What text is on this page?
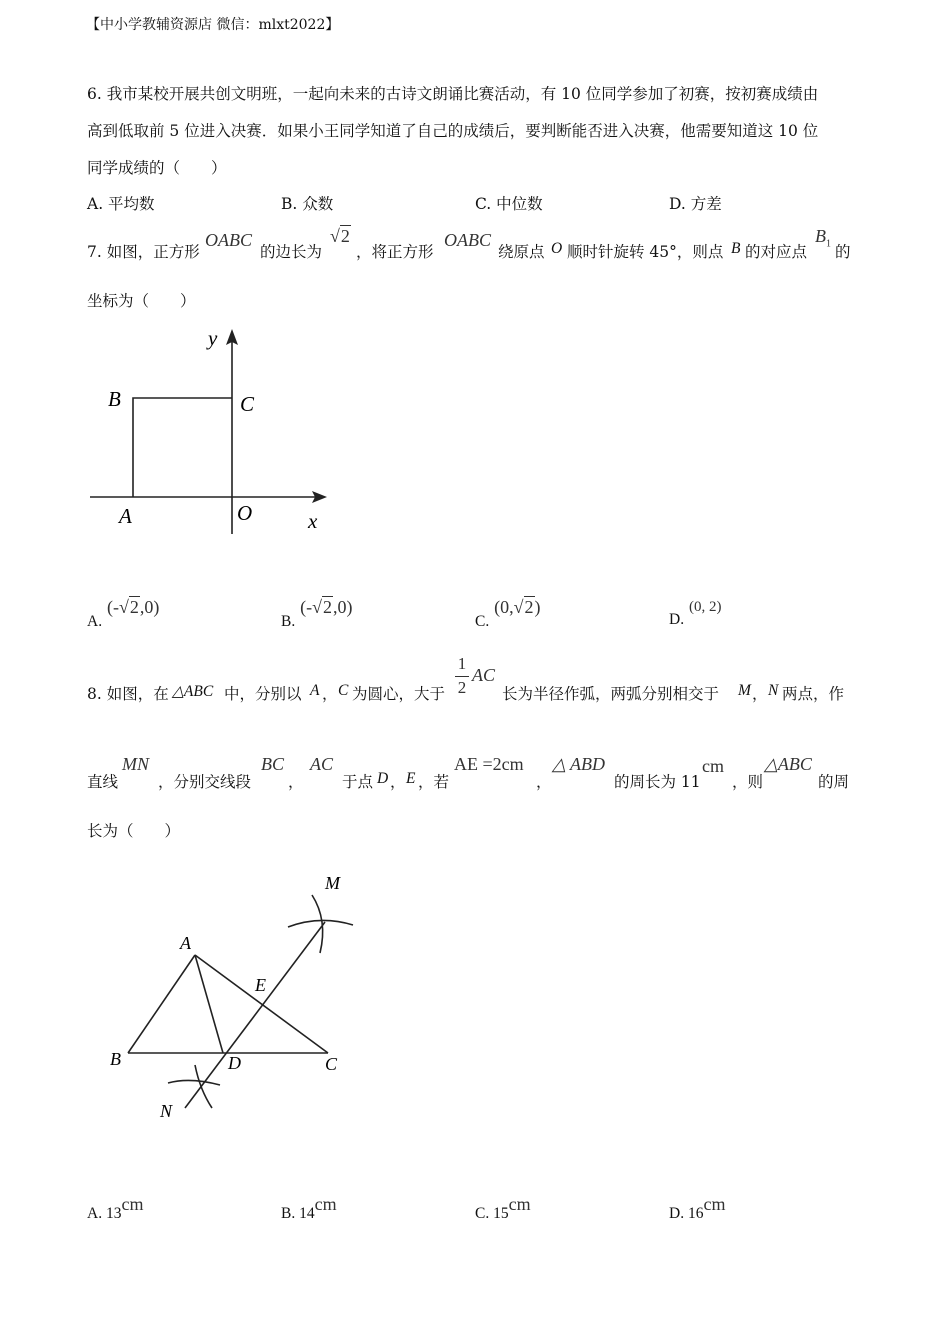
【中小学教辅资源店 微信：mlxt2022】
6. 我市某校开展共创文明班，一起向未来的古诗文朗诵比赛活动，有 10 位同学参加了初赛，按初赛成绩由
高到低取前 5 位进入决赛．如果小王同学知道了自己的成绩后，要判断能否进入决赛，他需要知道这 10 位
同学成绩的（　　）
A. 平均数	B. 众数	C. 中位数	D. 方差
7. 如图，正方形
OABC
的边长为
√2
，将正方形
OABC
绕原点 O 顺时针旋转 45°，则点 B 的对应点
$B_1$ 的
坐标为（　　）
y
x
B	C
A	O
A. (-√2,0)
B. (-√2,0)
C. (0,√2)
D. (0, 2)
8. 如图，在 △ABC 中，分别以 A ， C 为圆心，大于
1
2
AC
长为半径作弧，两弧分别相交于 M ， N 两点，作
直线
MN
，分别交线段
BC
，
AC
于点 D ， E ，若
AE =2cm
，
△ ABD
的周长为 11
cm
，则
△ABC
的周
长为（　　）
M
A
E
B	D	C
N
A. 13cm	B. 14cm	C. 15cm	D. 16cm
